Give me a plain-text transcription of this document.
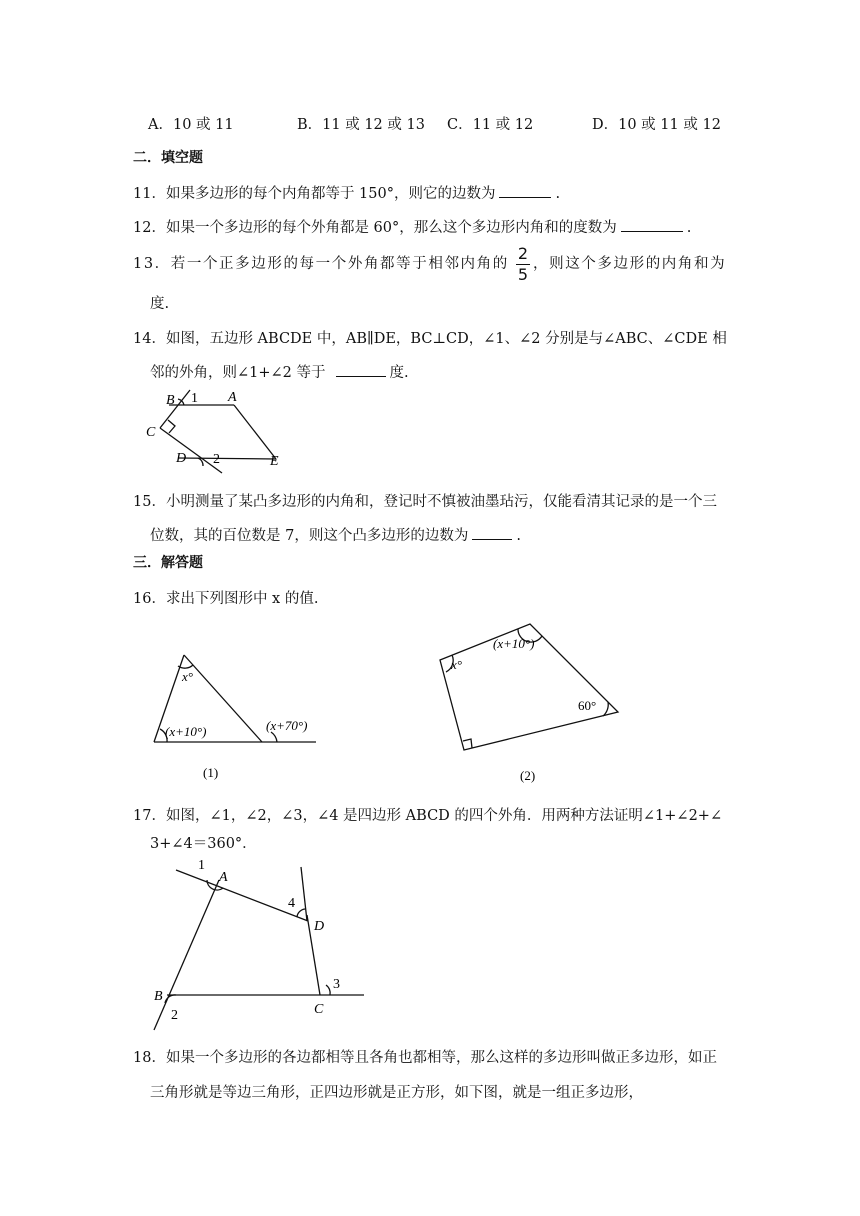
A．10 或 11	B．11 或 12 或 13 C．11 或 12	D．10 或 11 或 12
二．填空题
11．如果多边形的每个内角都等于 150°，则它的边数为	.
12．如果一个多边形的每个外角都是 60°，那么这个多边形内角和的度数为	.
13．若一个正多边形的每一个外角都等于相邻内角的
2
5
，则这个多边形的内角和为
度.
14．如图，五边形 ABCDE 中，AB∥DE，BC⊥CD，∠1、∠2 分别是与∠ABC、∠CDE 相
邻的外角，则∠1+∠2 等于	度.
B 1 A
C
D 2	E
15．小明测量了某凸多边形的内角和，登记时不慎被油墨玷污，仅能看清其记录的是一个三
位数，其的百位数是 7，则这个凸多边形的边数为	.
三．解答题
16．求出下列图形中 x 的值.
x°
(x+10°)	(x+70°)
(1)
x°
(x+10°)
60°
(2)
17．如图，∠1，∠2，∠3，∠4 是四边形 ABCD 的四个外角．用两种方法证明∠1+∠2+∠
3+∠4＝360°．
1
A
4
D
B
2	C
3
18．如果一个多边形的各边都相等且各角也都相等，那么这样的多边形叫做正多边形，如正
三角形就是等边三角形，正四边形就是正方形，如下图，就是一组正多边形，
